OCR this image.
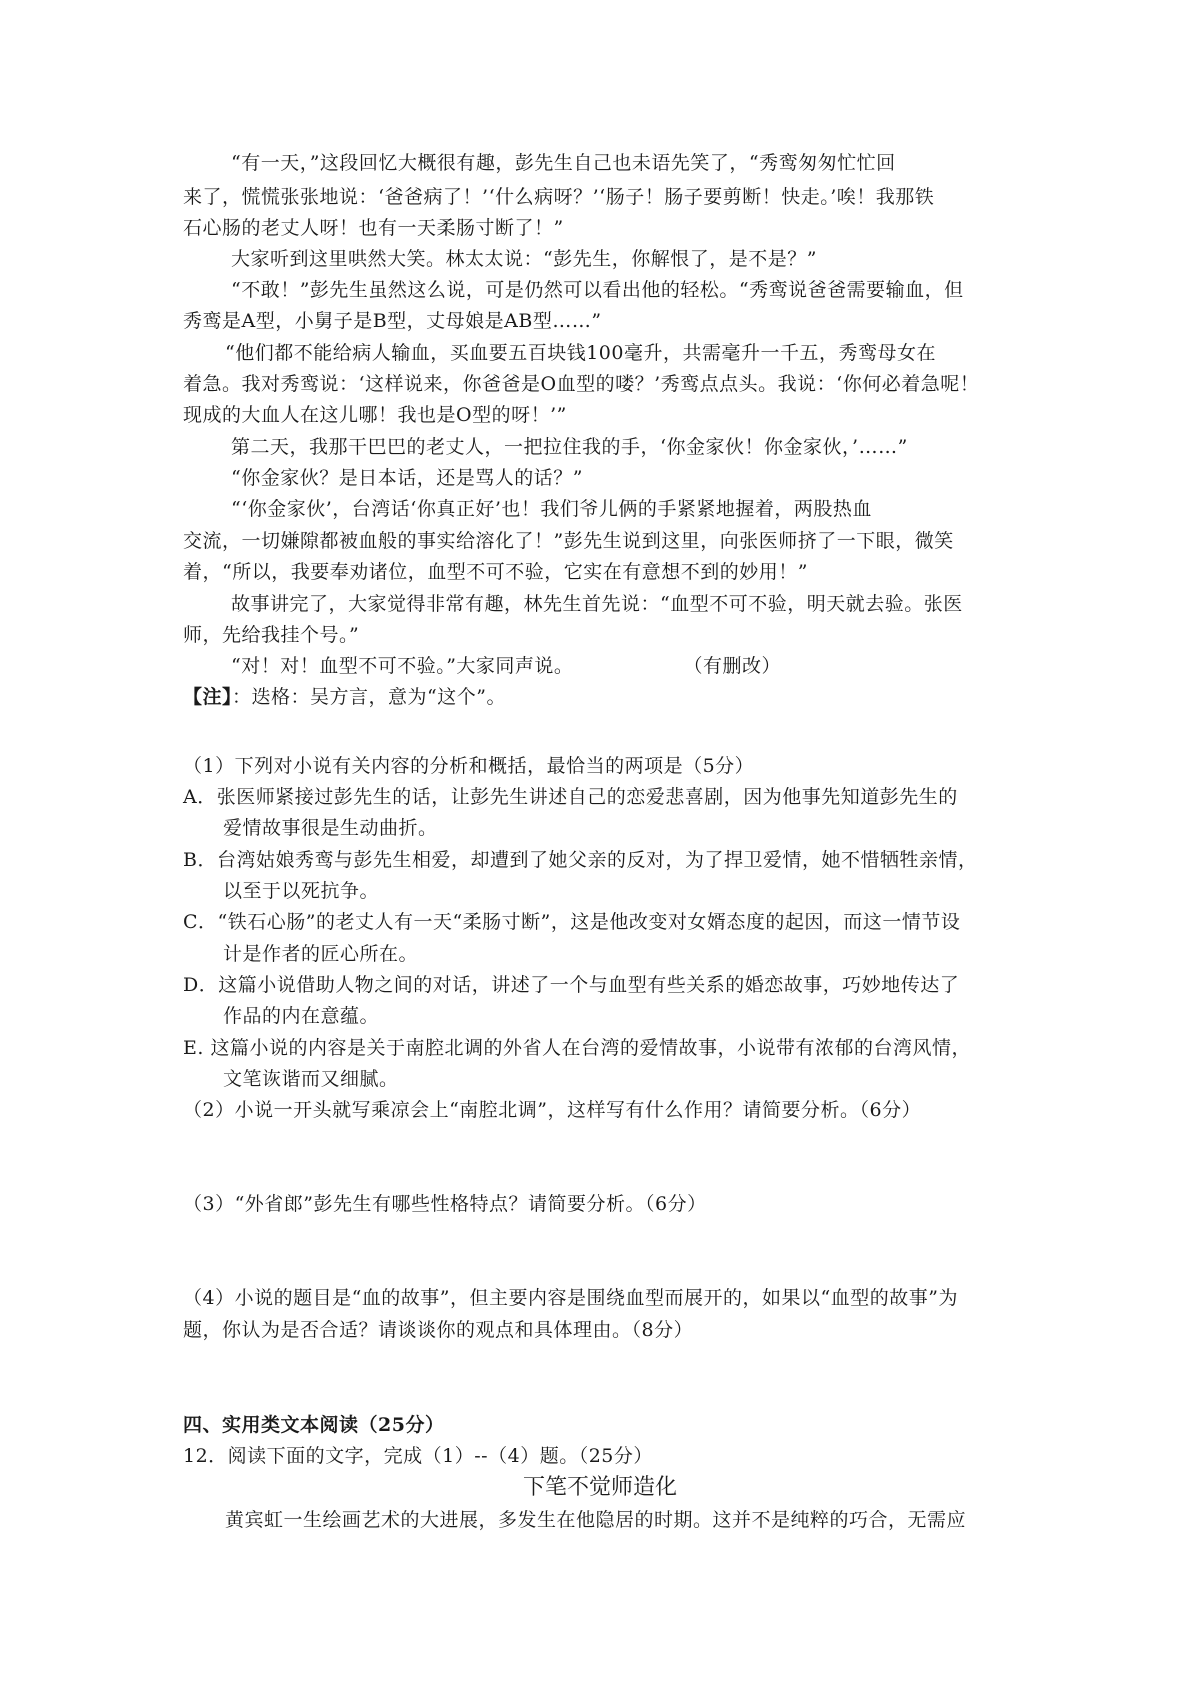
“有一天，”这段回忆大概很有趣，彭先生自己也未语先笑了，“秀鸾匆匆忙忙回

来了，慌慌张张地说：‘爸爸病了！’‘什么病呀？’‘肠子！肠子要剪断！快走。’唉！我那铁

石心肠的老丈人呀！也有一天柔肠寸断了！”

大家听到这里哄然大笑。林太太说：“彭先生，你解恨了，是不是？”

“不敢！”彭先生虽然这么说，可是仍然可以看出他的轻松。“秀鸾说爸爸需要输血，但

秀鸾是A型，小舅子是B型，丈母娘是AB型……”

“他们都不能给病人输血，买血要五百块钱100毫升，共需毫升一千五，秀鸾母女在

着急。我对秀鸾说：‘这样说来，你爸爸是O血型的喽？’秀鸾点点头。我说：‘你何必着急呢！

现成的大血人在这儿哪！我也是O型的呀！’”

第二天，我那干巴巴的老丈人，一把拉住我的手，‘你金家伙！你金家伙，’……”

“你金家伙？是日本话，还是骂人的话？”

“‘你金家伙’，台湾话‘你真正好’也！我们爷儿俩的手紧紧地握着，两股热血

交流，一切嫌隙都被血般的事实给溶化了！”彭先生说到这里，向张医师挤了一下眼，微笑

着，“所以，我要奉劝诸位，血型不可不验，它实在有意想不到的妙用！”

故事讲完了，大家觉得非常有趣，林先生首先说：“血型不可不验，明天就去验。张医

师，先给我挂个号。”

“对！对！血型不可不验。”大家同声说。	（有删改）

【注】：迭格：吴方言，意为“这个”。

（1）下列对小说有关内容的分析和概括，最恰当的两项是（5分）

A．张医师紧接过彭先生的话，让彭先生讲述自己的恋爱悲喜剧，因为他事先知道彭先生的

爱情故事很是生动曲折。

B．台湾姑娘秀鸾与彭先生相爱，却遭到了她父亲的反对，为了捍卫爱情，她不惜牺牲亲情，

以至于以死抗争。

C．“铁石心肠”的老丈人有一天“柔肠寸断”，这是他改变对女婿态度的起因，而这一情节设

计是作者的匠心所在。

D．这篇小说借助人物之间的对话，讲述了一个与血型有些关系的婚恋故事，巧妙地传达了

作品的内在意蕴。

E. 这篇小说的内容是关于南腔北调的外省人在台湾的爱情故事，小说带有浓郁的台湾风情，

文笔诙谐而又细腻。

（2）小说一开头就写乘凉会上“南腔北调”，这样写有什么作用？请简要分析。（6分）

（3）“外省郎”彭先生有哪些性格特点？请简要分析。（6分）

（4）小说的题目是“血的故事”，但主要内容是围绕血型而展开的，如果以“血型的故事”为

题，你认为是否合适？请谈谈你的观点和具体理由。（8分）

四、实用类文本阅读（25分）

12．阅读下面的文字，完成（1）--（4）题。（25分）

下笔不觉师造化

黄宾虹一生绘画艺术的大进展，多发生在他隐居的时期。这并不是纯粹的巧合，无需应
